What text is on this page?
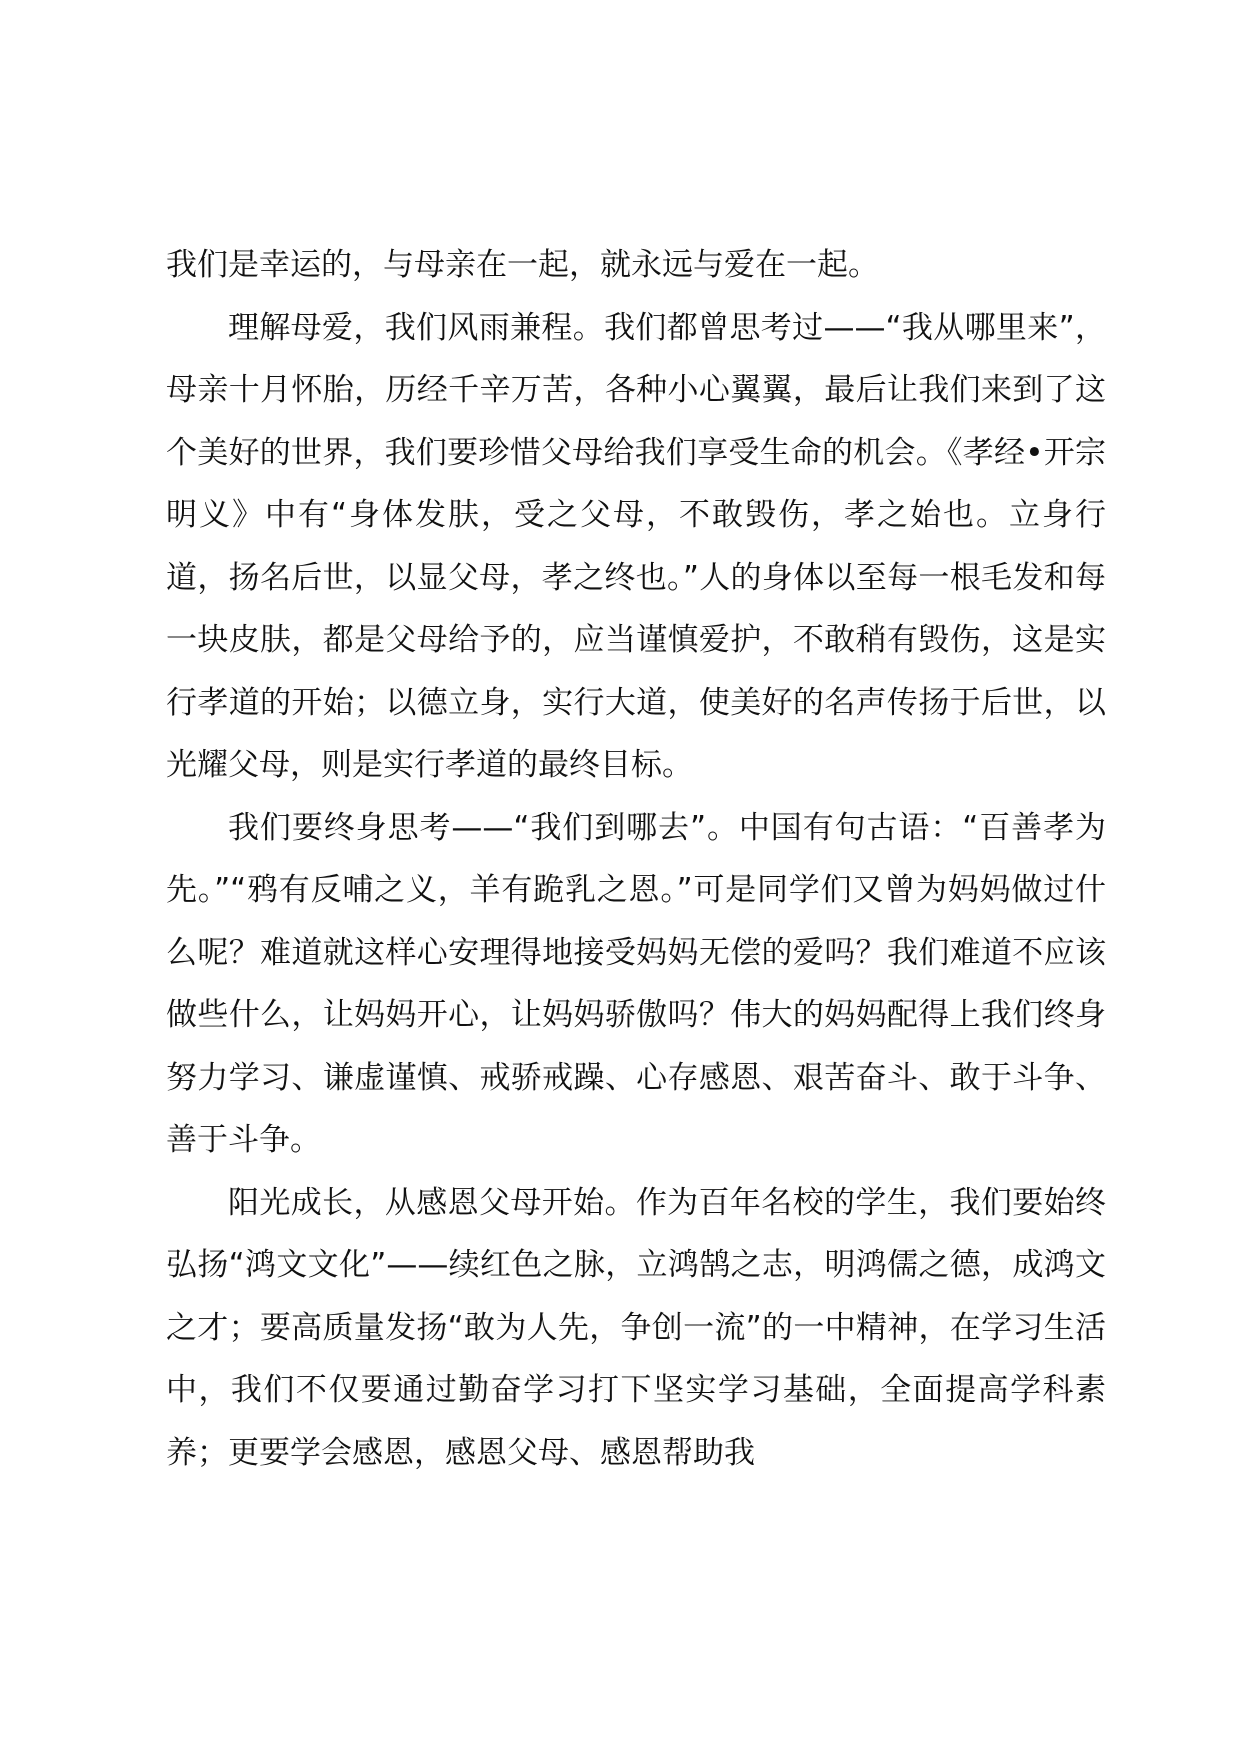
我们是幸运的，与母亲在一起，就永远与爱在一起。

理解母爱，我们风雨兼程。我们都曾思考过——“我从哪里来”，母亲十月怀胎，历经千辛万苦，各种小心翼翼，最后让我们来到了这个美好的世界，我们要珍惜父母给我们享受生命的机会。《孝经•开宗明义》中有“身体发肤，受之父母，不敢毁伤，孝之始也。立身行道，扬名后世，以显父母，孝之终也。”人的身体以至每一根毛发和每一块皮肤，都是父母给予的，应当谨慎爱护，不敢稍有毁伤，这是实行孝道的开始；以德立身，实行大道，使美好的名声传扬于后世，以光耀父母，则是实行孝道的最终目标。

我们要终身思考——“我们到哪去”。中国有句古语：“百善孝为先。”“鸦有反哺之义，羊有跪乳之恩。”可是同学们又曾为妈妈做过什么呢？难道就这样心安理得地接受妈妈无偿的爱吗？我们难道不应该做些什么，让妈妈开心，让妈妈骄傲吗？伟大的妈妈配得上我们终身努力学习、谦虚谨慎、戒骄戒躁、心存感恩、艰苦奋斗、敢于斗争、善于斗争。

阳光成长，从感恩父母开始。作为百年名校的学生，我们要始终弘扬“鸿文文化”——续红色之脉，立鸿鹄之志，明鸿儒之德，成鸿文之才；要高质量发扬“敢为人先，争创一流”的一中精神，在学习生活中，我们不仅要通过勤奋学习打下坚实学习基础，全面提高学科素养；更要学会感恩，感恩父母、感恩帮助我
